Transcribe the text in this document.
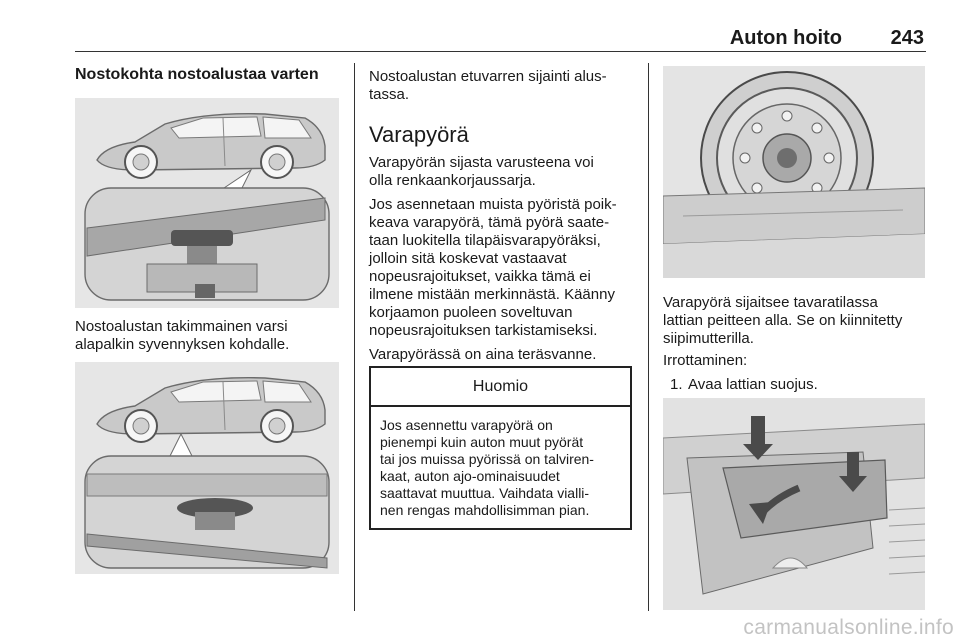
Auton hoito 243
Nostokohta nostoalustaa varten
Nostoalustan takimmainen varsi
alapalkin syvennyksen kohdalle.
Nostoalustan etuvarren sijainti alus-
tassa.
Varapyörä
Varapyörän sijasta varusteena voi
olla renkaankorjaussarja.
Jos asennetaan muista pyöristä poik-
keava varapyörä, tämä pyörä saate-
taan luokitella tilapäisvarapyöräksi,
jolloin sitä koskevat vastaavat
nopeusrajoitukset, vaikka tämä ei
ilmene mistään merkinnästä. Käänny
korjaamon puoleen soveltuvan
nopeusrajoituksen tarkistamiseksi.
Varapyörässä on aina teräsvanne.
Huomio
Jos asennettu varapyörä on
pienempi kuin auton muut pyörät
tai jos muissa pyörissä on talviren-
kaat, auton ajo-ominaisuudet
saattavat muuttua. Vaihdata vialli-
nen rengas mahdollisimman pian.
Varapyörä sijaitsee tavaratilassa
lattian peitteen alla. Se on kiinnitetty
siipimutterilla.
Irrottaminen:
1. Avaa lattian suojus.
carmanualsonline.info
